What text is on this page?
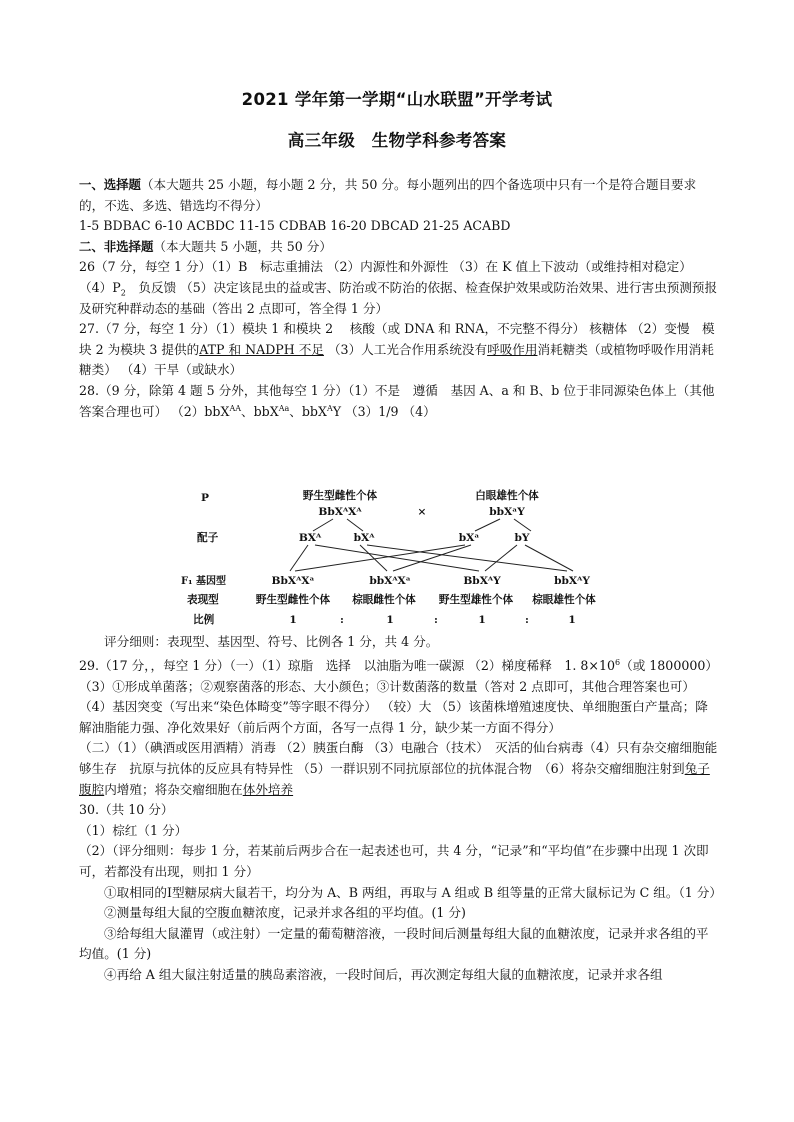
2021 学年第一学期“山水联盟”开学考试
高三年级　生物学科参考答案

一、选择题（本大题共 25 小题，每小题 2 分，共 50 分。每小题列出的四个备选项中只有一个是符合题目要求的，不选、多选、错选均不得分）

1-5 BDBAC 6-10 ACBDC 11-15 CDBAB 16-20 DBCAD 21-25 ACABD

二、非选择题（本大题共 5 小题，共 50 分）

26（7 分，每空 1 分）（1）B　标志重捕法 （2）内源性和外源性 （3）在 K 值上下波动（或维持相对稳定） $(4)P_2$　负反馈 （5）决定该昆虫的益或害、防治或不防治的依据、检查保护效果或防治效果、进行害虫预测预报及研究种群动态的基础（答出 2 点即可，答全得 1 分）

27.（7 分，每空 1 分）（1）模块 1 和模块 2　 核酸（或 DNA 和 RNA，不完整不得分） 核糖体 （2）变慢　模块 2 为模块 3 提供的ATP 和 NADPH 不足 （3）人工光合作用系统没有呼吸作用消耗糖类（或植物呼吸作用消耗糖类） （4）干旱（或缺水）

28.（9 分，除第 4 题 5 分外，其他每空 1 分）（1）不是　遵循　基因 A、a 和 B、b 位于非同源染色体上（其他答案合理也可） （2）bbX$^{AA}$、bbX$^{Aa}$、bbX$^A$Y （3）1/9 （4）

P
配子
F₁ 基因型
表现型
比例
野生型雌性个体
BbXᴬXᴬ	×
白眼雄性个体
bbXᵃY
BXᴬ	bXᴬ	bXᵃ	bY
BbXᴬXᵃ	bbXᴬXᵃ	BbXᴬY	bbXᴬY
野生型雌性个体 棕眼雌性个体 野生型雄性个体 棕眼雄性个体
1	:	1	:	1	:	1
评分细则：表现型、基因型、符号、比例各 1 分，共 4 分。

29.（17 分，，每空 1 分）（一）（1）琼脂　选择　以油脂为唯一碳源 （2）梯度稀释　1. $8\times 10^6$（或 1800000） （3）①形成单菌落；②观察菌落的形态、大小颜色；③计数菌落的数量（答对 2 点即可，其他合理答案也可） （4）基因突变（写出来“染色体畸变”等字眼不得分） （较）大 （5）该菌株增殖速度快、单细胞蛋白产量高；降解油脂能力强、净化效果好（前后两个方面，各写一点得 1 分，缺少某一方面不得分）

（二）（1）（碘酒或医用酒精）消毒 （2）胰蛋白酶 （3）电融合（技术）　灭活的仙台病毒（4）只有杂交瘤细胞能够生存　抗原与抗体的反应具有特异性 （5）一群识别不同抗原部位的抗体混合物　（6）将杂交瘤细胞注射到兔子腹腔内增殖；将杂交瘤细胞在体外培养

30.（共 10 分）

（1）棕红（1 分）

（2）（评分细则：每步 1 分，若某前后两步合在一起表述也可，共 4 分，“记录”和“平均值”在步骤中出现 1 次即可，若都没有出现，则扣 1 分）

①取相同的Ⅰ型糖尿病大鼠若干，均分为 A、B 两组，再取与 A 组或 B 组等量的正常大鼠标记为 C 组。（1 分）

②测量每组大鼠的空腹血糖浓度，记录并求各组的平均值。(1 分)

③给每组大鼠灌胃（或注射）一定量的葡萄糖溶液，一段时间后测量每组大鼠的血糖浓度，记录并求各组的平均值。(1 分)

④再给 A 组大鼠注射适量的胰岛素溶液，一段时间后，再次测定每组大鼠的血糖浓度，记录并求各组
